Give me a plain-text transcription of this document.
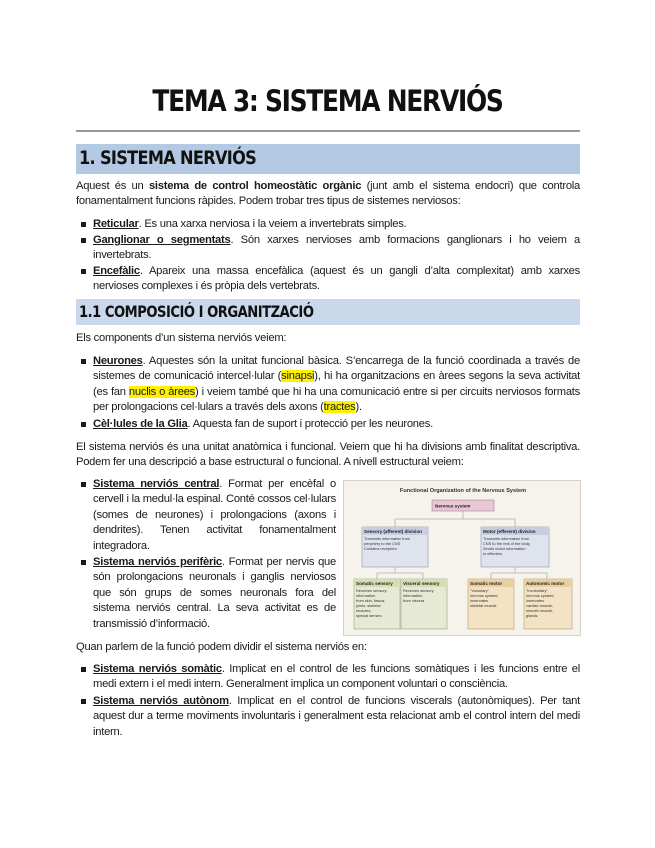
TEMA 3: SISTEMA NERVIÓS
1. SISTEMA NERVIÓS
Aquest és un sistema de control homeostàtic orgànic (junt amb el sistema endocri) que controla fonamentalment funcions ràpides. Podem trobar tres tipus de sistemes nerviosos:
Reticular. Es una xarxa nerviosa i la veiem a invertebrats simples.
Ganglionar o segmentats. Són xarxes nervioses amb formacions ganglionars i ho veiem a invertebrats.
Encefàlic. Apareix una massa encefàlica (aquest és un gangli d’alta complexitat) amb xarxes nervioses complexes i és pròpia dels vertebrats.
1.1 COMPOSICIÓ I ORGANITZACIÓ
Els components d’un sistema nerviós veiem:
Neurones. Aquestes són la unitat funcional bàsica. S’encarrega de la funció coordinada a través de sistemes de comunicació intercel·lular (sinapsi), hi ha organitzacions en àrees segons la seva activitat (es fan nuclis o àrees) i veiem també que hi ha una comunicació entre si per circuits nerviosos formats per prolongacions cel·lulars a través dels axons (tractes).
Cèl·lules de la Glia. Aquesta fan de suport i protecció per les neurones.
El sistema nerviós és una unitat anatòmica i funcional. Veiem que hi ha divisions amb finalitat descriptiva. Podem fer una descripció a base estructural o funcional. A nivell estructural veiem:
Sistema nerviós central. Format per encèfal o cervell i la medul·la espinal. Conté cossos cel·lulars (somes de neurones) i prolongacions (axons i dendrites). Tenen activitat fonamentalment integradora.
Sistema nerviós perifèric. Format per nervis que són prolongacions neuronals i ganglis nerviosos que són grups de somes neuronals fora del sistema nerviós central. La seva activitat es de transmissió d’informació.
Functional Organization of the Nervous System
Nervous system
Sensory (afferent) division
Transmits information from
periphery to the CNS
Contains receptors
Motor (efferent) division
Transmits information from
CNS to the rest of the body
Sends motor information
to effectors
Somatic sensory
Receives sensory
information
from skin, fascia,
joints, skeletal
muscles,
special senses
Visceral sensory
Receives sensory
information
from viscera
Somatic motor
"Voluntary"
nervous system;
innervates
skeletal muscle
Autonomic motor
"Involuntary"
nervous system;
innervates
cardiac muscle,
smooth muscle,
glands
Quan parlem de la funció podem dividir el sistema nerviós en:
Sistema nerviós somàtic. Implicat en el control de les funcions somàtiques i les funcions entre el medi extern i el medi intern. Generalment implica un component voluntari o consciència.
Sistema nerviós autònom. Implicat en el control de funcions viscerals (autonòmiques). Per tant aquest dur a terme moviments involuntaris i generalment esta relacionat amb el control intern del medi intern.
